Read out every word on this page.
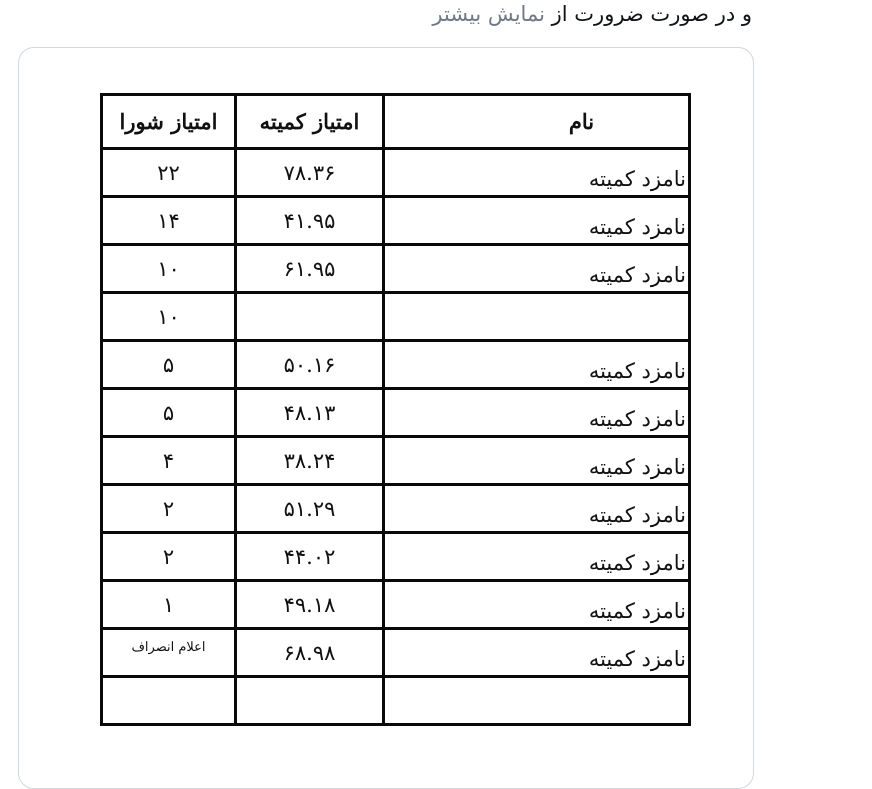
و در صورت ضرورت از نمایش بیشتر
نام	امتیاز کمیته	امتیاز شورا
نامزد کمیته	۷۸.۳۶	۲۲
نامزد کمیته	۴۱.۹۵	۱۴
نامزد کمیته	۶۱.۹۵	۱۰
		۱۰
نامزد کمیته	۵۰.۱۶	۵
نامزد کمیته	۴۸.۱۳	۵
نامزد کمیته	۳۸.۲۴	۴
نامزد کمیته	۵۱.۲۹	۲
نامزد کمیته	۴۴.۰۲	۲
نامزد کمیته	۴۹.۱۸	۱
نامزد کمیته	۶۸.۹۸	اعلام انصراف
